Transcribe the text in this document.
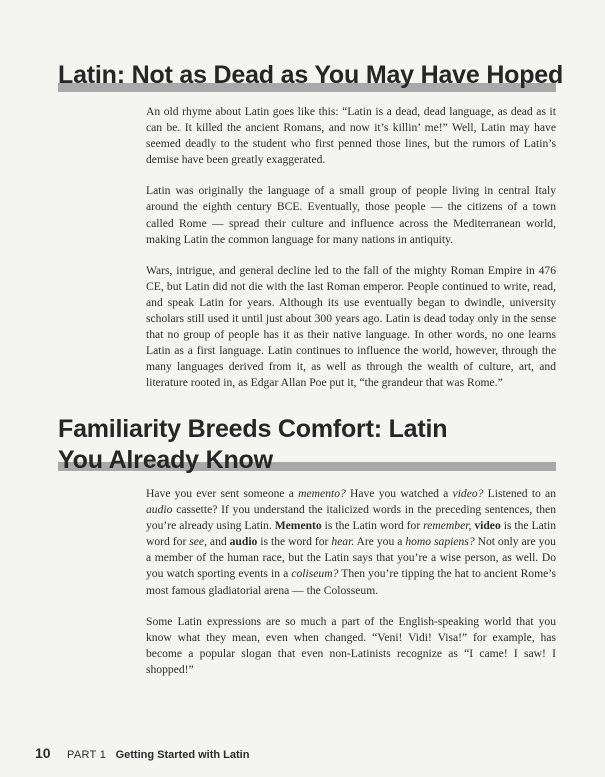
Latin: Not as Dead as You May Have Hoped

An old rhyme about Latin goes like this: “Latin is a dead, dead language, as dead as it can be. It killed the ancient Romans, and now it’s killin’ me!” Well, Latin may have seemed deadly to the student who first penned those lines, but the rumors of Latin’s demise have been greatly exaggerated.

Latin was originally the language of a small group of people living in central Italy around the eighth century BCE. Eventually, those people — the citizens of a town called Rome — spread their culture and influence across the Mediterranean world, making Latin the common language for many nations in antiquity.

Wars, intrigue, and general decline led to the fall of the mighty Roman Empire in 476 CE, but Latin did not die with the last Roman emperor. People continued to write, read, and speak Latin for years. Although its use eventually began to dwindle, university scholars still used it until just about 300 years ago. Latin is dead today only in the sense that no group of people has it as their native language. In other words, no one learns Latin as a first language. Latin continues to influence the world, however, through the many languages derived from it, as well as through the wealth of culture, art, and literature rooted in, as Edgar Allan Poe put it, “the grandeur that was Rome.”

Familiarity Breeds Comfort: Latin
You Already Know

Have you ever sent someone a memento? Have you watched a video? Listened to an audio cassette? If you understand the italicized words in the preceding sentences, then you’re already using Latin. Memento is the Latin word for remember, video is the Latin word for see, and audio is the word for hear. Are you a homo sapiens? Not only are you a member of the human race, but the Latin says that you’re a wise person, as well. Do you watch sporting events in a coliseum? Then you’re tipping the hat to ancient Rome’s most famous gladiatorial arena — the Colosseum.

Some Latin expressions are so much a part of the English-speaking world that you know what they mean, even when changed. “Veni! Vidi! Visa!” for example, has become a popular slogan that even non-Latinists recognize as “I came! I saw! I shopped!”

10 PART 1 Getting Started with Latin
